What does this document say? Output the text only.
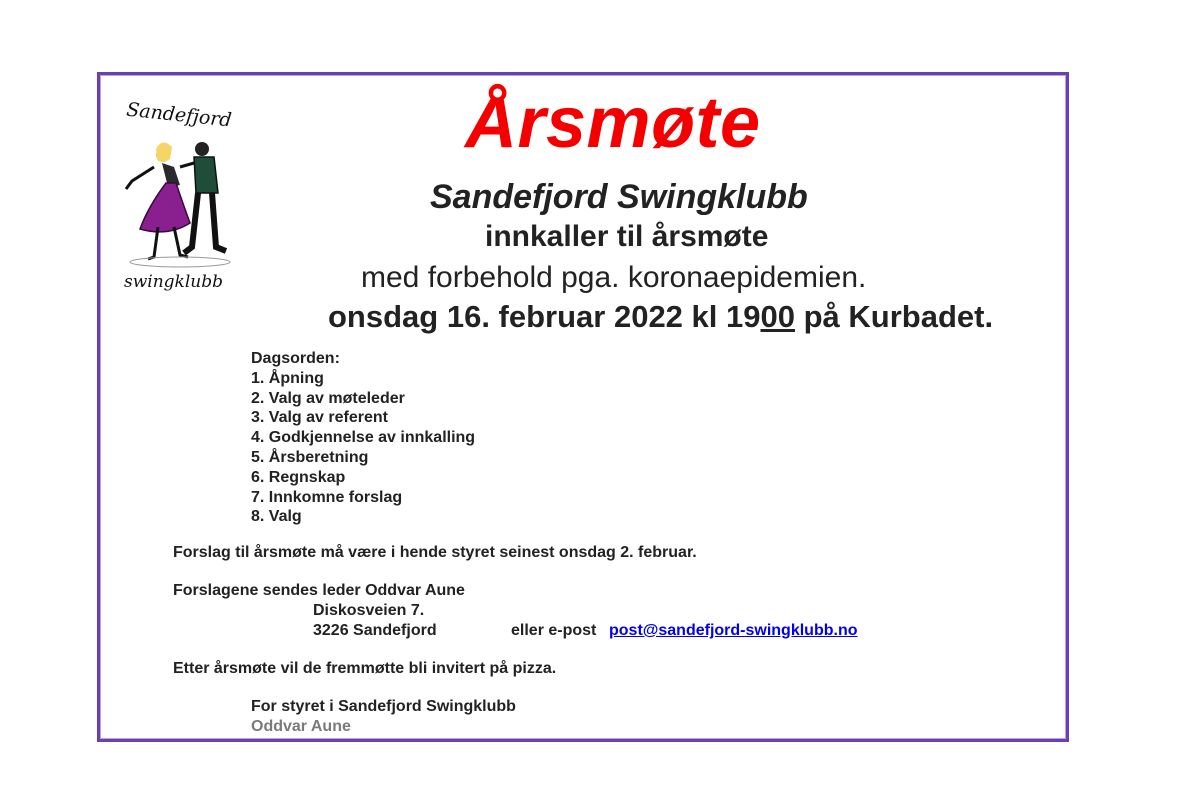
Sandefjord
swingklubb
Årsmøte
Sandefjord Swingklubb
innkaller til årsmøte
med forbehold pga. koronaepidemien.
onsdag 16. februar 2022 kl 1900 på Kurbadet.
Dagsorden:
1. Åpning
2. Valg av møteleder
3. Valg av referent
4. Godkjennelse av innkalling
5. Årsberetning
6. Regnskap
7. Innkomne forslag
8. Valg
Forslag til årsmøte må være i hende styret seinest onsdag 2. februar.
Forslagene sendes leder Oddvar Aune
Diskosveien 7.
3226 Sandefjord	eller e-post post@sandefjord-swingklubb.no
Etter årsmøte vil de fremmøtte bli invitert på pizza.
For styret i Sandefjord Swingklubb
Oddvar Aune
